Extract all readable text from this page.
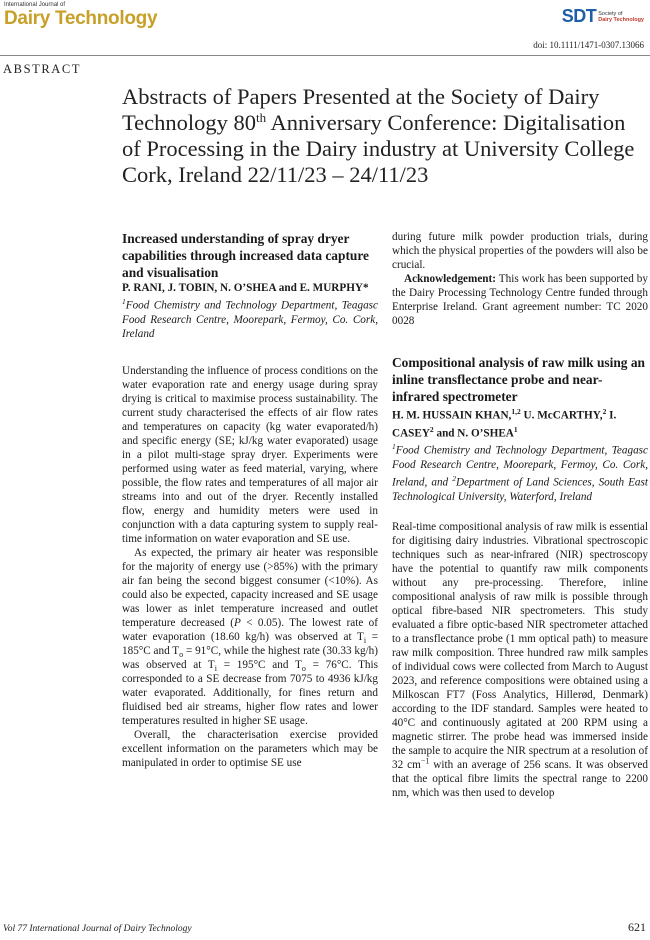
International Journal of
Dairy Technology	SDT Society of
Dairy Technology
doi: 10.1111/1471-0307.13066
ABSTRACT
Abstracts of Papers Presented at the Society of Dairy Technology 80th Anniversary Conference: Digitalisation of Processing in the Dairy industry at University College Cork, Ireland 22/11/23 – 24/11/23
Increased understanding of spray dryer capabilities through increased data capture and visualisation
P. RANI, J. TOBIN, N. O’SHEA and E. MURPHY*
$^1$Food Chemistry and Technology Department, Teagasc Food Research Centre, Moorepark, Fermoy, Co. Cork, Ireland

Understanding the influence of process conditions on the water evaporation rate and energy usage during spray drying is critical to maximise process sustainability. The current study characterised the effects of air flow rates and temperatures on capacity (kg water evaporated/h) and specific energy (SE; kJ/kg water evaporated) usage in a pilot multi-stage spray dryer. Experiments were performed using water as feed material, varying, where possible, the flow rates and temperatures of all major air streams into and out of the dryer. Recently installed flow, energy and humidity meters were used in conjunction with a data capturing system to supply real-time information on water evaporation and SE use.

As expected, the primary air heater was responsible for the majority of energy use (>85%) with the primary air fan being the second biggest consumer (<10%). As could also be expected, capacity increased and SE usage was lower as inlet temperature increased and outlet temperature decreased (P < 0.05). The lowest rate of water evaporation (18.60 kg/h) was observed at $T_i = 185^\circ C$ and $T_o = 91^\circ C$, while the highest rate (30.33 kg/h) was observed at $T_i = 195^\circ C$ and $T_o = 76^\circ C$. This corresponded to a SE decrease from 7075 to 4936 kJ/kg water evaporated. Additionally, for fines return and fluidised bed air streams, higher flow rates and lower temperatures resulted in higher SE usage.

Overall, the characterisation exercise provided excellent information on the parameters which may be manipulated in order to optimise SE use

during future milk powder production trials, during which the physical properties of the powders will also be crucial.

Acknowledgement: This work has been supported by the Dairy Processing Technology Centre funded through Enterprise Ireland. Grant agreement number: TC 2020 0028

Compositional analysis of raw milk using an inline transflectance probe and near-infrared spectrometer
H. M. HUSSAIN KHAN,$^{1,2}$ U. McCARTHY,$^2$ I. CASEY$^2$ and N. O’SHEA$^1$
$^1$Food Chemistry and Technology Department, Teagasc Food Research Centre, Moorepark, Fermoy, Co. Cork, Ireland, and $^2$Department of Land Sciences, South East Technological University, Waterford, Ireland

Real-time compositional analysis of raw milk is essential for digitising dairy industries. Vibrational spectroscopic techniques such as near-infrared (NIR) spectroscopy have the potential to quantify raw milk components without any pre-processing. Therefore, inline compositional analysis of raw milk is possible through optical fibre-based NIR spectrometers. This study evaluated a fibre optic-based NIR spectrometer attached to a transflectance probe (1 mm optical path) to measure raw milk composition. Three hundred raw milk samples of individual cows were collected from March to August 2023, and reference compositions were obtained using a Milkoscan FT7 (Foss Analytics, Hillerød, Denmark) according to the IDF standard. Samples were heated to 40°C and continuously agitated at 200 RPM using a magnetic stirrer. The probe head was immersed inside the sample to acquire the NIR spectrum at a resolution of 32 $cm^{-1}$ with an average of 256 scans. It was observed that the optical fibre limits the spectral range to 2200 nm, which was then used to develop

Vol 77 International Journal of Dairy Technology	621
